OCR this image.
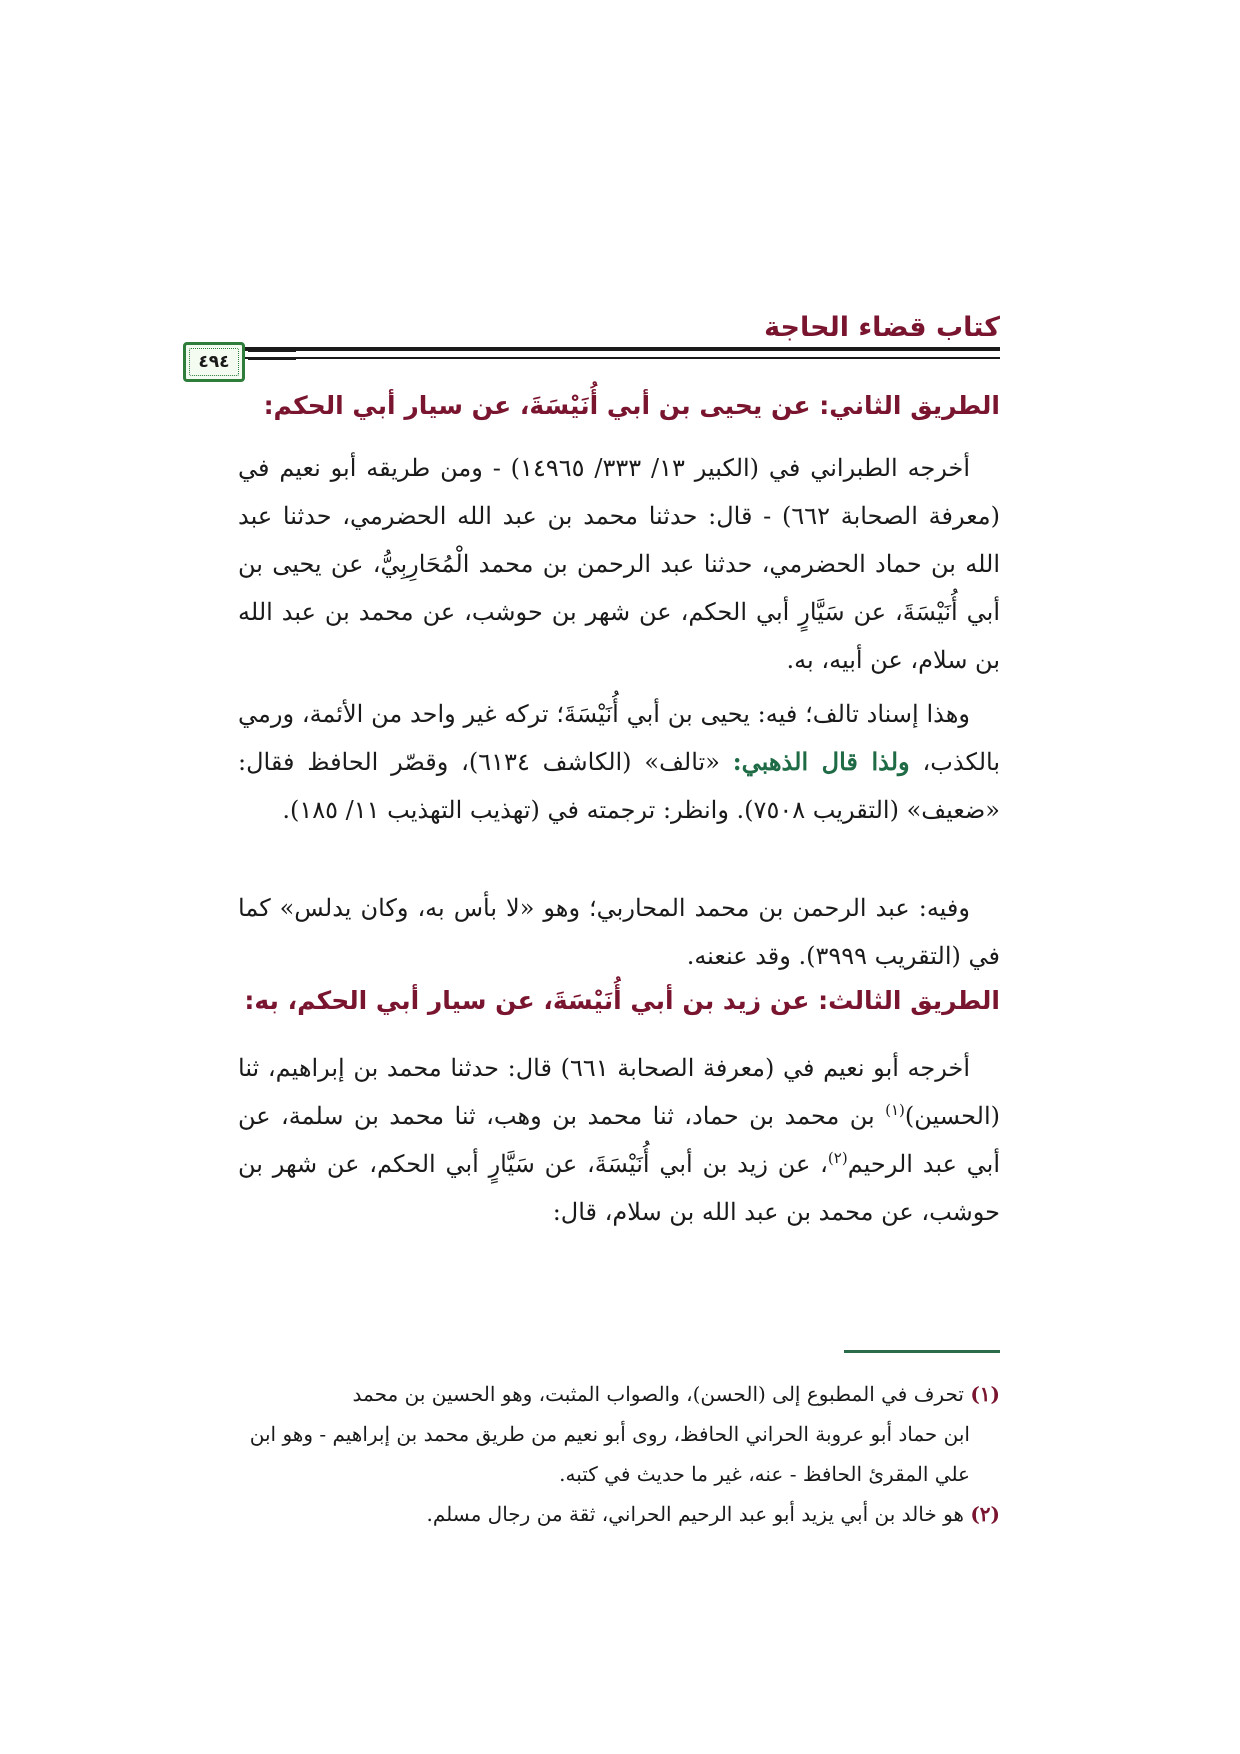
كتاب قضاء الحاجة
٤٩٤
الطريق الثاني: عن يحيى بن أبي أُنَيْسَةَ، عن سيار أبي الحكم:

أخرجه الطبراني في (الكبير ١٣/ ٣٣٣/ ١٤٩٦٥) - ومن طريقه أبو نعيم في (معرفة الصحابة ٦٦٢) - قال: حدثنا محمد بن عبد الله الحضرمي، حدثنا عبد الله بن حماد الحضرمي، حدثنا عبد الرحمن بن محمد الْمُحَارِبِيُّ، عن يحيى بن أبي أُنَيْسَةَ، عن سَيَّارٍ أبي الحكم، عن شهر بن حوشب، عن محمد بن عبد الله بن سلام، عن أبيه، به.

وهذا إسناد تالف؛ فيه: يحيى بن أبي أُنَيْسَةَ؛ تركه غير واحد من الأئمة، ورمي بالكذب، ولذا قال الذهبي: «تالف» (الكاشف ٦١٣٤)، وقصّر الحافظ فقال: «ضعيف» (التقريب ٧٥٠٨). وانظر: ترجمته في (تهذيب التهذيب ١١/ ١٨٥).

وفيه: عبد الرحمن بن محمد المحاربي؛ وهو «لا بأس به، وكان يدلس» كما في (التقريب ٣٩٩٩). وقد عنعنه.

الطريق الثالث: عن زيد بن أبي أُنَيْسَةَ، عن سيار أبي الحكم، به:

أخرجه أبو نعيم في (معرفة الصحابة ٦٦١) قال: حدثنا محمد بن إبراهيم، ثنا (الحسين)$^{(١)}$ بن محمد بن حماد، ثنا محمد بن وهب، ثنا محمد بن سلمة، عن أبي عبد الرحيم$^{(٢)}$، عن زيد بن أبي أُنَيْسَةَ، عن سَيَّارٍ أبي الحكم، عن شهر بن حوشب، عن محمد بن عبد الله بن سلام، قال:

(١) تحرف في المطبوع إلى (الحسن)، والصواب المثبت، وهو الحسين بن محمد

ابن حماد أبو عروبة الحراني الحافظ، روى أبو نعيم من طريق محمد بن إبراهيم - وهو ابن علي المقرئ الحافظ - عنه، غير ما حديث في كتبه.

(٢) هو خالد بن أبي يزيد أبو عبد الرحيم الحراني، ثقة من رجال مسلم.
